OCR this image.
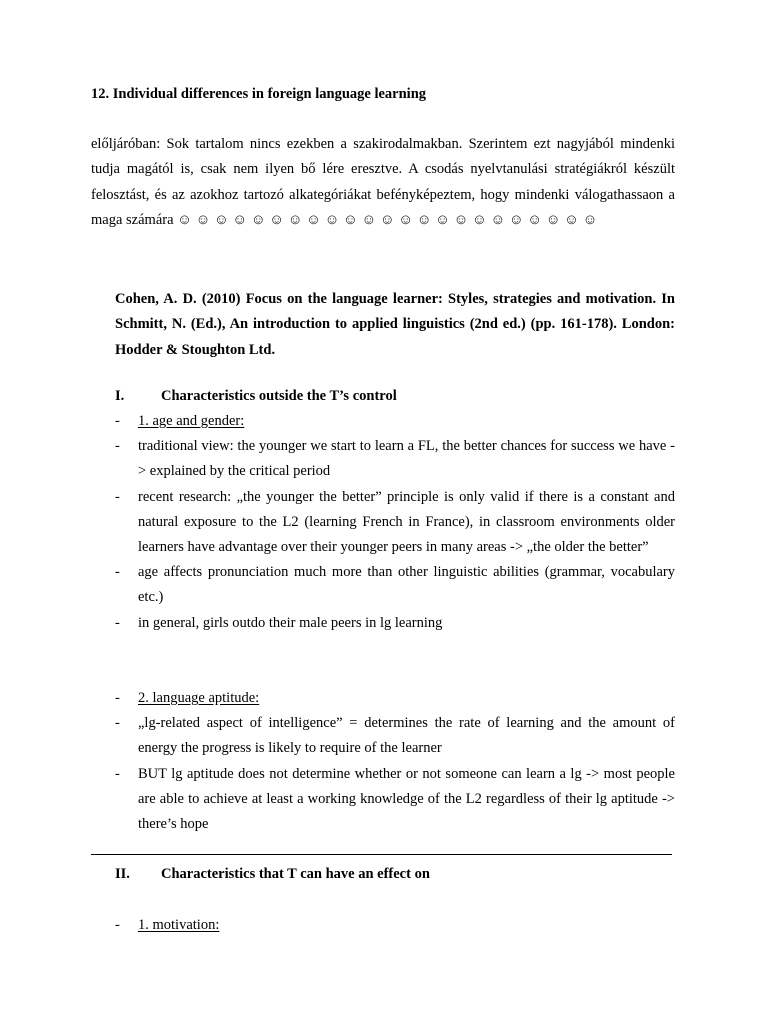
12. Individual differences in foreign language learning
előljáróban: Sok tartalom nincs ezekben a szakirodalmakban. Szerintem ezt nagyjából mindenki tudja magától is, csak nem ilyen bő lére eresztve. A csodás nyelvtanulási stratégiákról készült felosztást, és az azokhoz tartozó alkategóriákat befényképeztem, hogy mindenki válogathassaon a maga számára ☺ ☺ ☺ ☺ ☺ ☺ ☺ ☺ ☺ ☺ ☺ ☺ ☺ ☺ ☺ ☺ ☺ ☺ ☺ ☺ ☺ ☺ ☺
Cohen, A. D. (2010) Focus on the language learner: Styles, strategies and motivation. In Schmitt, N. (Ed.), An introduction to applied linguistics (2nd ed.) (pp. 161-178). London: Hodder & Stoughton Ltd.
I.	Characteristics outside the T’s control
- 1. age and gender:
- traditional view: the younger we start to learn a FL, the better chances for success we have -> explained by the critical period
- recent research: „the younger the better” principle is only valid if there is a constant and natural exposure to the L2 (learning French in France), in classroom environments older learners have advantage over their younger peers in many areas -> „the older the better”
- age affects pronunciation much more than other linguistic abilities (grammar, vocabulary etc.)
- in general, girls outdo their male peers in lg learning
- 2. language aptitude:
- „lg-related aspect of intelligence” = determines the rate of learning and the amount of energy the progress is likely to require of the learner
- BUT lg aptitude does not determine whether or not someone can learn a lg -> most people are able to achieve at least a working knowledge of the L2 regardless of their lg aptitude -> there’s hope
II. Characteristics that T can have an effect on
- 1. motivation:
